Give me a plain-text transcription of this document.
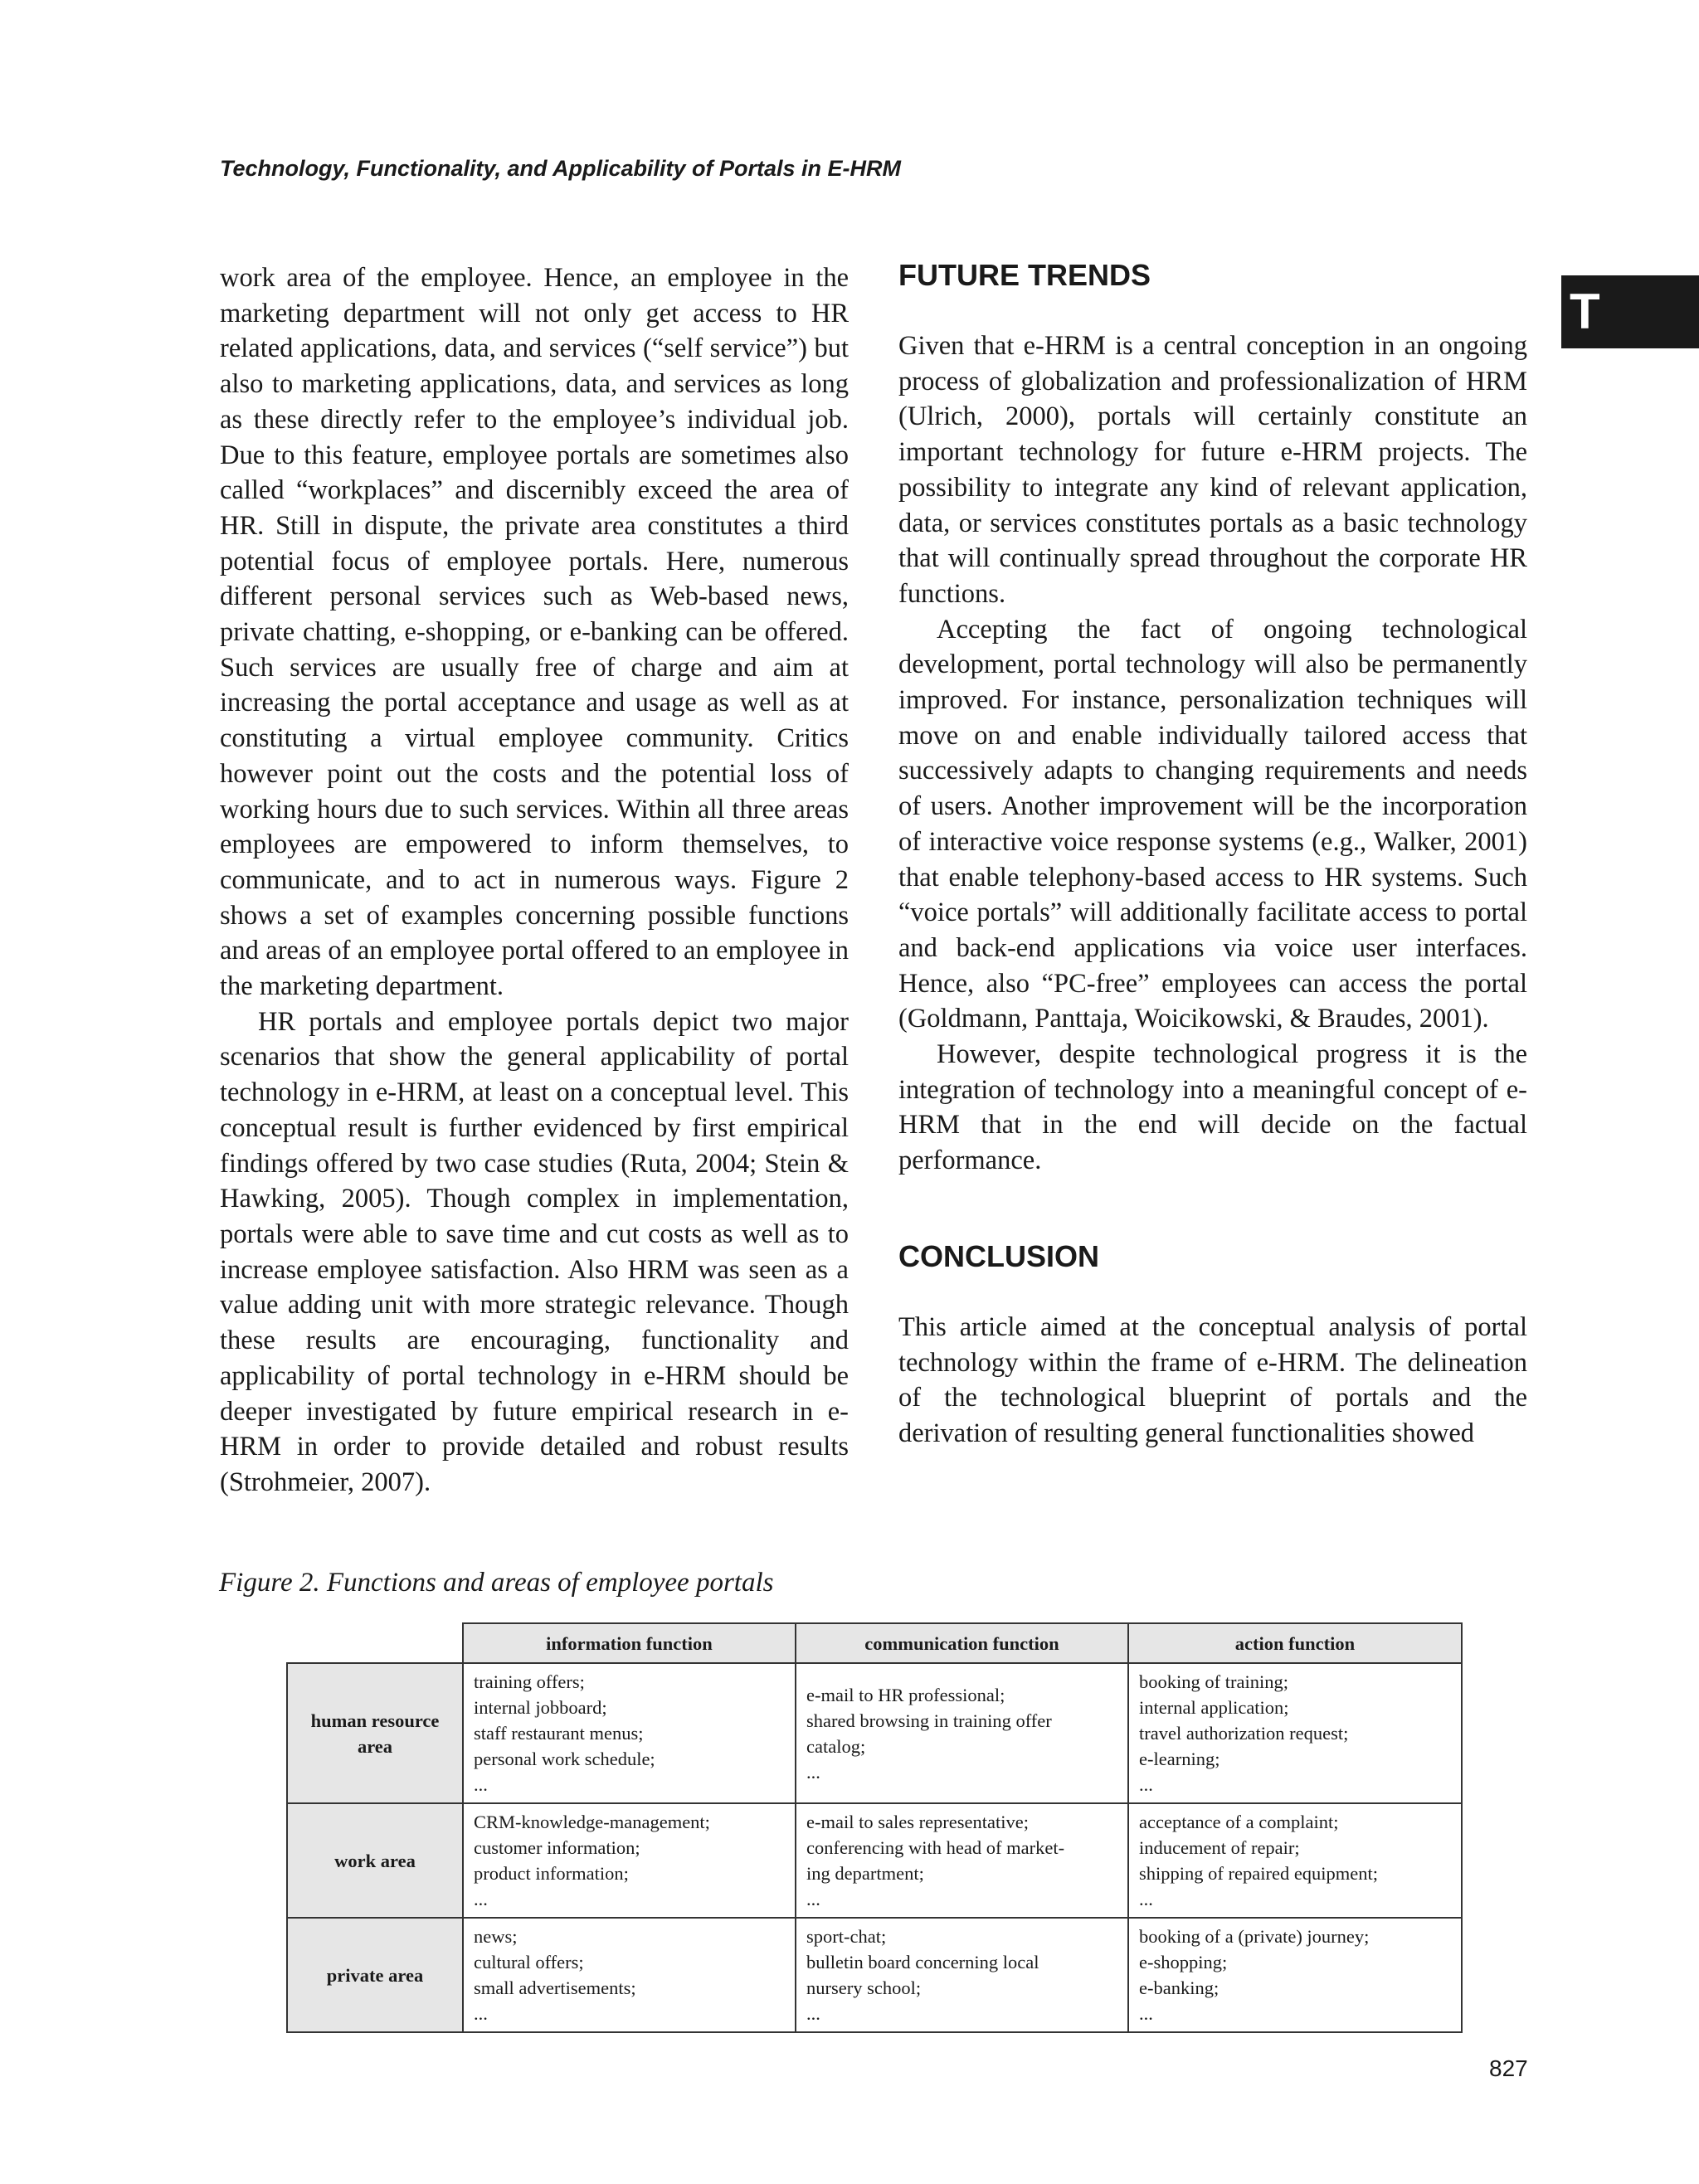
Technology, Functionality, and Applicability of Portals in E-HRM
T

work area of the employee. Hence, an employee in the marketing department will not only get access to HR related applications, data, and services (“self service”) but also to marketing applications, data, and services as long as these directly refer to the employee’s individual job. Due to this feature, employee portals are sometimes also called “workplaces” and discernibly exceed the area of HR. Still in dispute, the private area constitutes a third potential focus of employee portals. Here, numerous different personal services such as Web-based news, private chatting, e-shopping, or e-banking can be offered. Such services are usually free of charge and aim at increasing the portal acceptance and usage as well as at constituting a virtual employee community. Critics however point out the costs and the potential loss of working hours due to such services. Within all three areas employees are empowered to inform themselves, to communicate, and to act in numerous ways. Figure 2 shows a set of examples concerning possible functions and areas of an employee portal offered to an employee in the marketing department.

HR portals and employee portals depict two major scenarios that show the general applicability of portal technology in e-HRM, at least on a conceptual level. This conceptual result is further evidenced by first empirical findings offered by two case studies (Ruta, 2004; Stein & Hawking, 2005). Though complex in implementation, portals were able to save time and cut costs as well as to increase employee satisfaction. Also HRM was seen as a value adding unit with more strategic relevance. Though these results are encouraging, functionality and applicability of portal technology in e-HRM should be deeper investigated by future empirical research in e-HRM in order to provide detailed and robust results (Strohmeier, 2007).

FUTURE TRENDS

Given that e-HRM is a central conception in an ongoing process of globalization and professionalization of HRM (Ulrich, 2000), portals will certainly constitute an important technology for future e-HRM projects. The possibility to integrate any kind of relevant application, data, or services constitutes portals as a basic technology that will continually spread throughout the corporate HR functions.

Accepting the fact of ongoing technological development, portal technology will also be permanently improved. For instance, personalization techniques will move on and enable individually tailored access that successively adapts to changing requirements and needs of users. Another improvement will be the incorporation of interactive voice response systems (e.g., Walker, 2001) that enable telephony-based access to HR systems. Such “voice portals” will additionally facilitate access to portal and back-end applications via voice user interfaces. Hence, also “PC-free” employees can access the portal (Goldmann, Panttaja, Woicikowski, & Braudes, 2001).

However, despite technological progress it is the integration of technology into a meaningful concept of e-HRM that in the end will decide on the factual performance.

CONCLUSION

This article aimed at the conceptual analysis of portal technology within the frame of e-HRM. The delineation of the technological blueprint of portals and the derivation of resulting general functionalities showed

Figure 2. Functions and areas of employee portals
	information function	communication function	action function
human resource area	training offers;
internal jobboard;
staff restaurant menus;
personal work schedule;
...	e-mail to HR professional;
shared browsing in training offer
catalog;
...	booking of training;
internal application;
travel authorization request;
e-learning;
...

work area	CRM-knowledge-management;
customer information;
product information;
...	e-mail to sales representative;
conferencing with head of market-
ing department;
...	acceptance of a complaint;
inducement of repair;
shipping of repaired equipment;
...

private area	news;
cultural offers;
small advertisements;
...	sport-chat;
bulletin board concerning local
nursery school;
...	booking of a (private) journey;
e-shopping;
e-banking;
...
827
